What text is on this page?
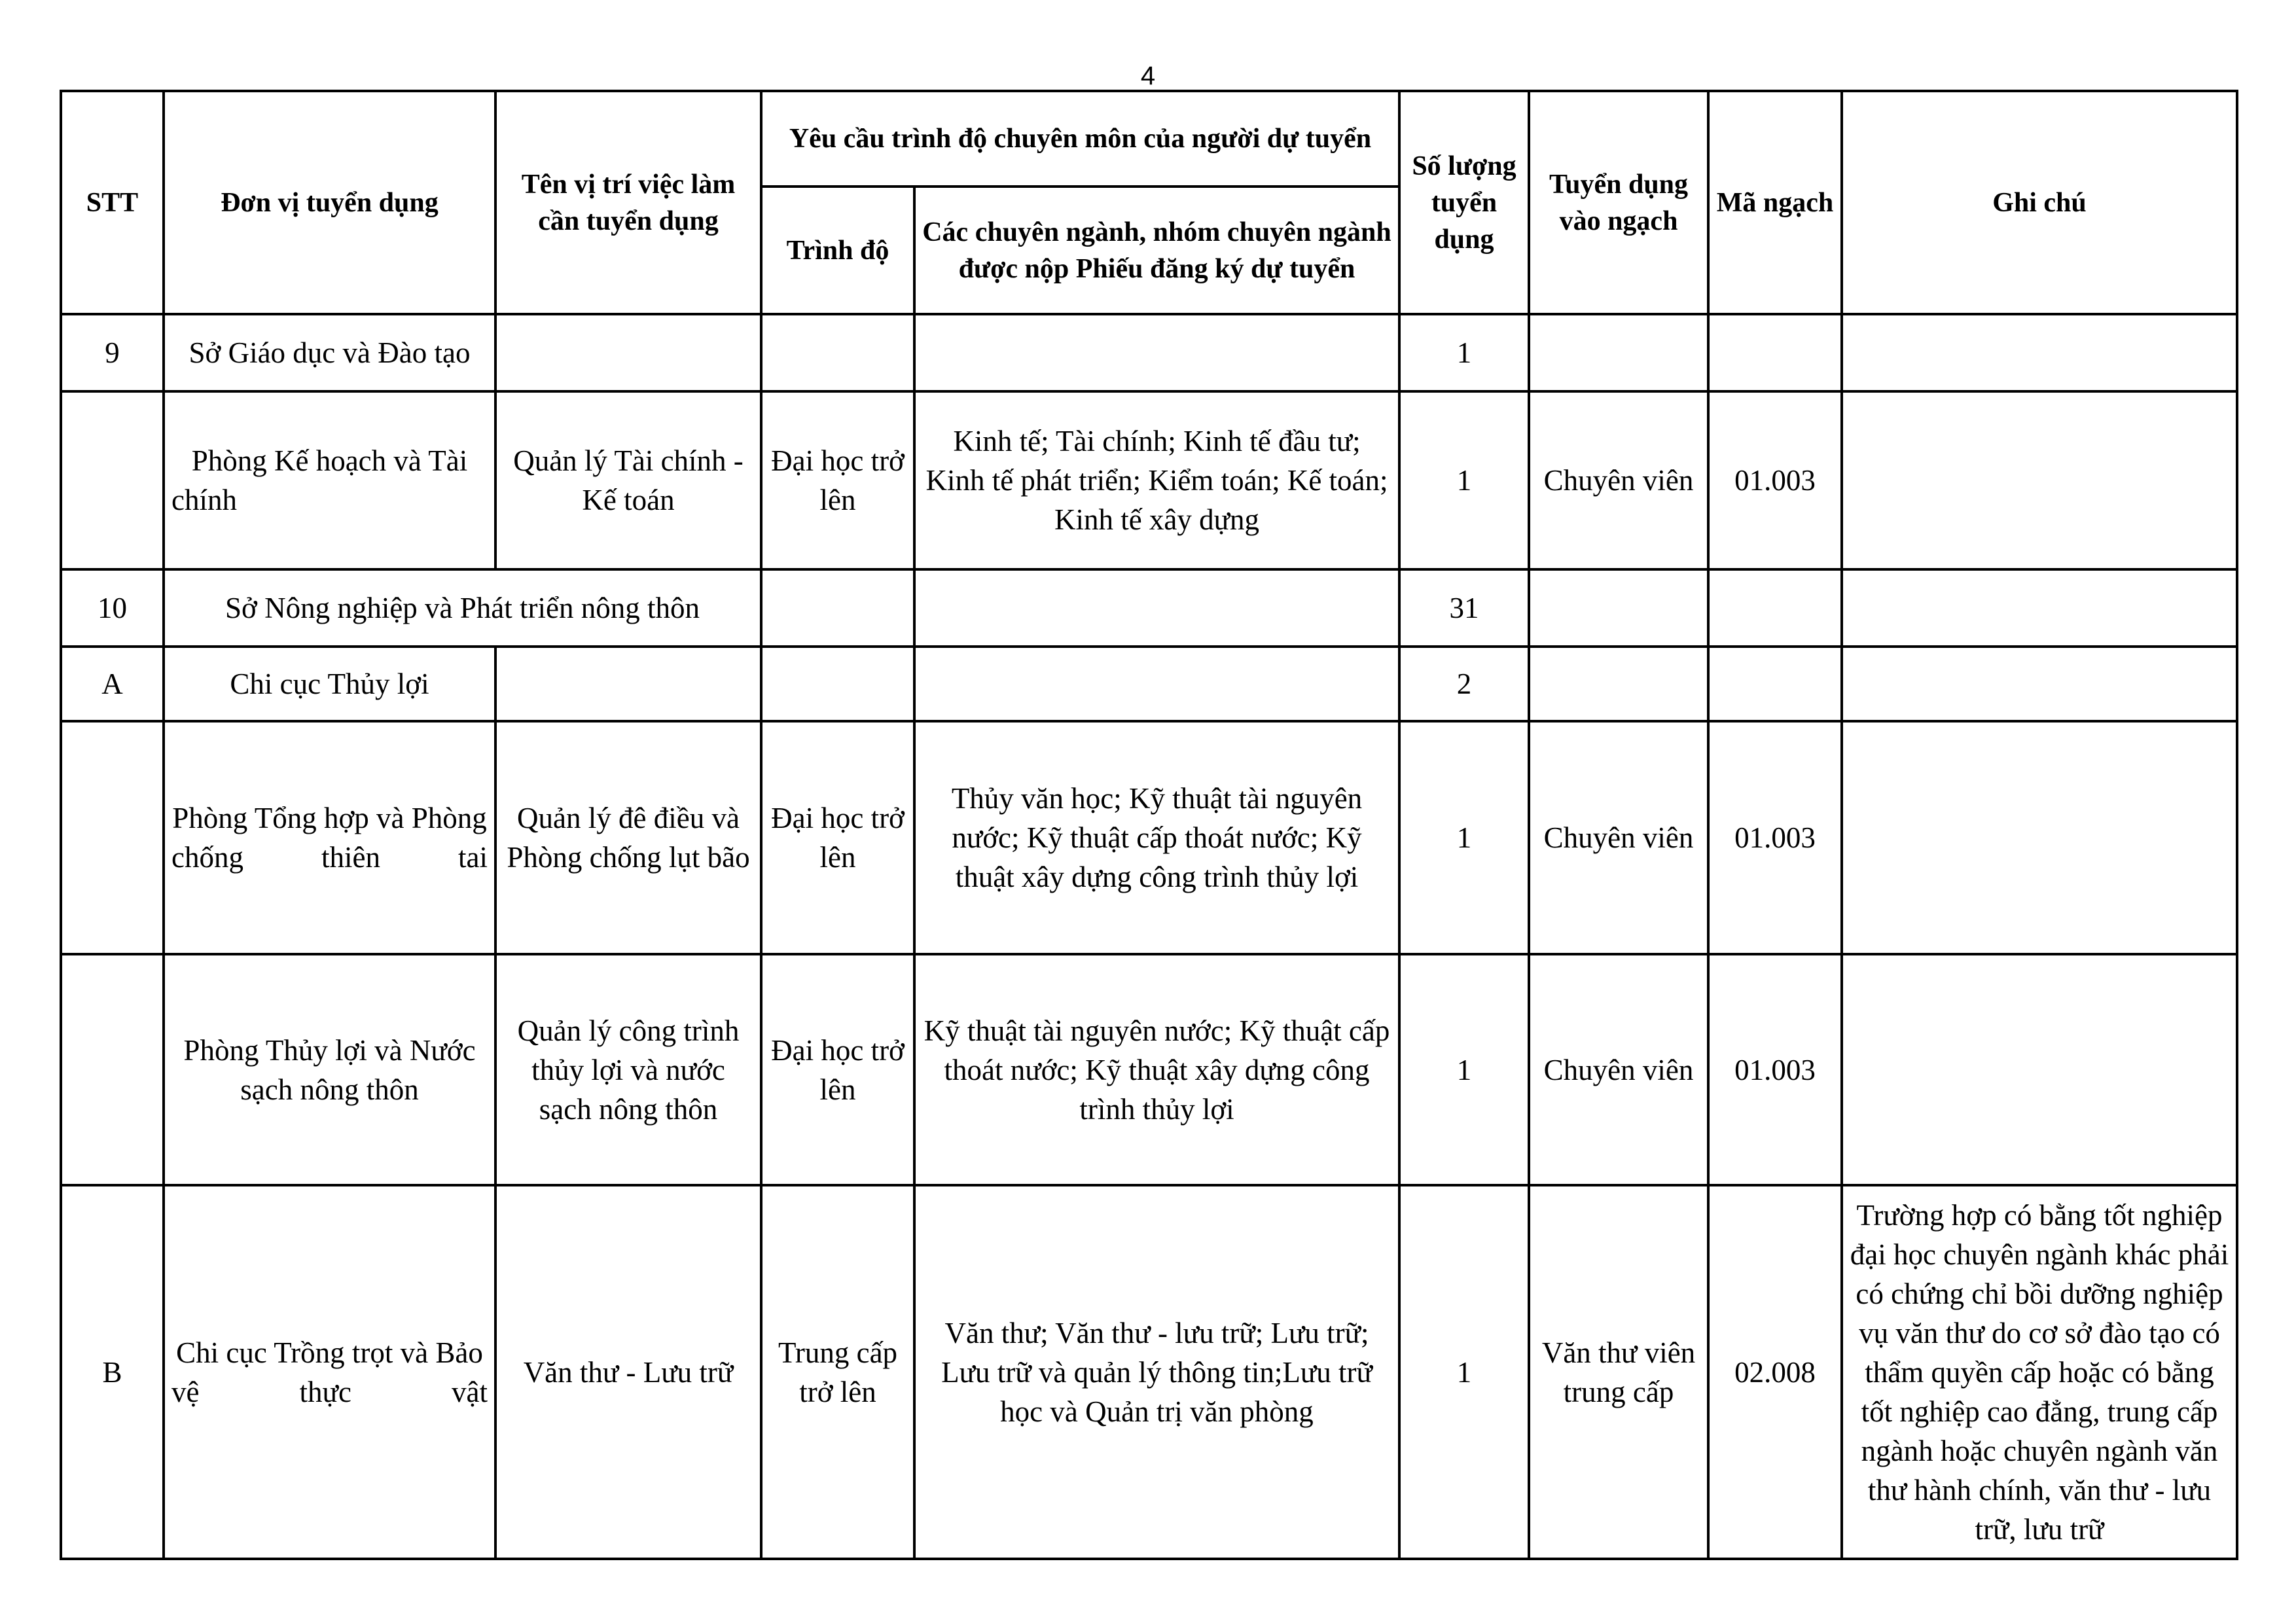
4
STT	Đơn vị tuyển dụng	Tên vị trí việc làm cần tuyển dụng	Yêu cầu trình độ chuyên môn của người dự tuyển		Số lượng tuyển dụng	Tuyển dụng vào ngạch	Mã ngạch	Ghi chú
			Trình độ	Các chuyên ngành, nhóm chuyên ngành được nộp Phiếu đăng ký dự tuyển				
9	Sở Giáo dục và Đào tạo				1			
	Phòng Kế hoạch và Tài chính	Quản lý Tài chính - Kế toán	Đại học trở lên	Kinh tế; Tài chính; Kinh tế đầu tư; Kinh tế phát triển; Kiểm toán; Kế toán; Kinh tế xây dựng	1	Chuyên viên	01.003	
10	Sở Nông nghiệp và Phát triển nông thôn				31			
A	Chi cục Thủy lợi				2			
	Phòng Tổng hợp và Phòng chống thiên tai	Quản lý đê điều và Phòng chống lụt bão	Đại học trở lên	Thủy văn học; Kỹ thuật tài nguyên nước; Kỹ thuật cấp thoát nước; Kỹ thuật xây dựng công trình thủy lợi	1	Chuyên viên	01.003	
	Phòng Thủy lợi và Nước sạch nông thôn	Quản lý công trình thủy lợi và nước sạch nông thôn	Đại học trở lên	Kỹ thuật tài nguyên nước; Kỹ thuật cấp thoát nước; Kỹ thuật xây dựng công trình thủy lợi	1	Chuyên viên	01.003	
B	Chi cục Trồng trọt và Bảo vệ thực vật	Văn thư - Lưu trữ	Trung cấp trở lên	Văn thư; Văn thư - lưu trữ; Lưu trữ; Lưu trữ và quản lý thông tin;Lưu trữ học và Quản trị văn phòng	1	Văn thư viên trung cấp	02.008	Trường hợp có bằng tốt nghiệp đại học chuyên ngành khác phải có chứng chỉ bồi dưỡng nghiệp vụ văn thư do cơ sở đào tạo có thẩm quyền cấp hoặc có bằng tốt nghiệp cao đẳng, trung cấp ngành hoặc chuyên ngành văn thư hành chính, văn thư - lưu trữ, lưu trữ
